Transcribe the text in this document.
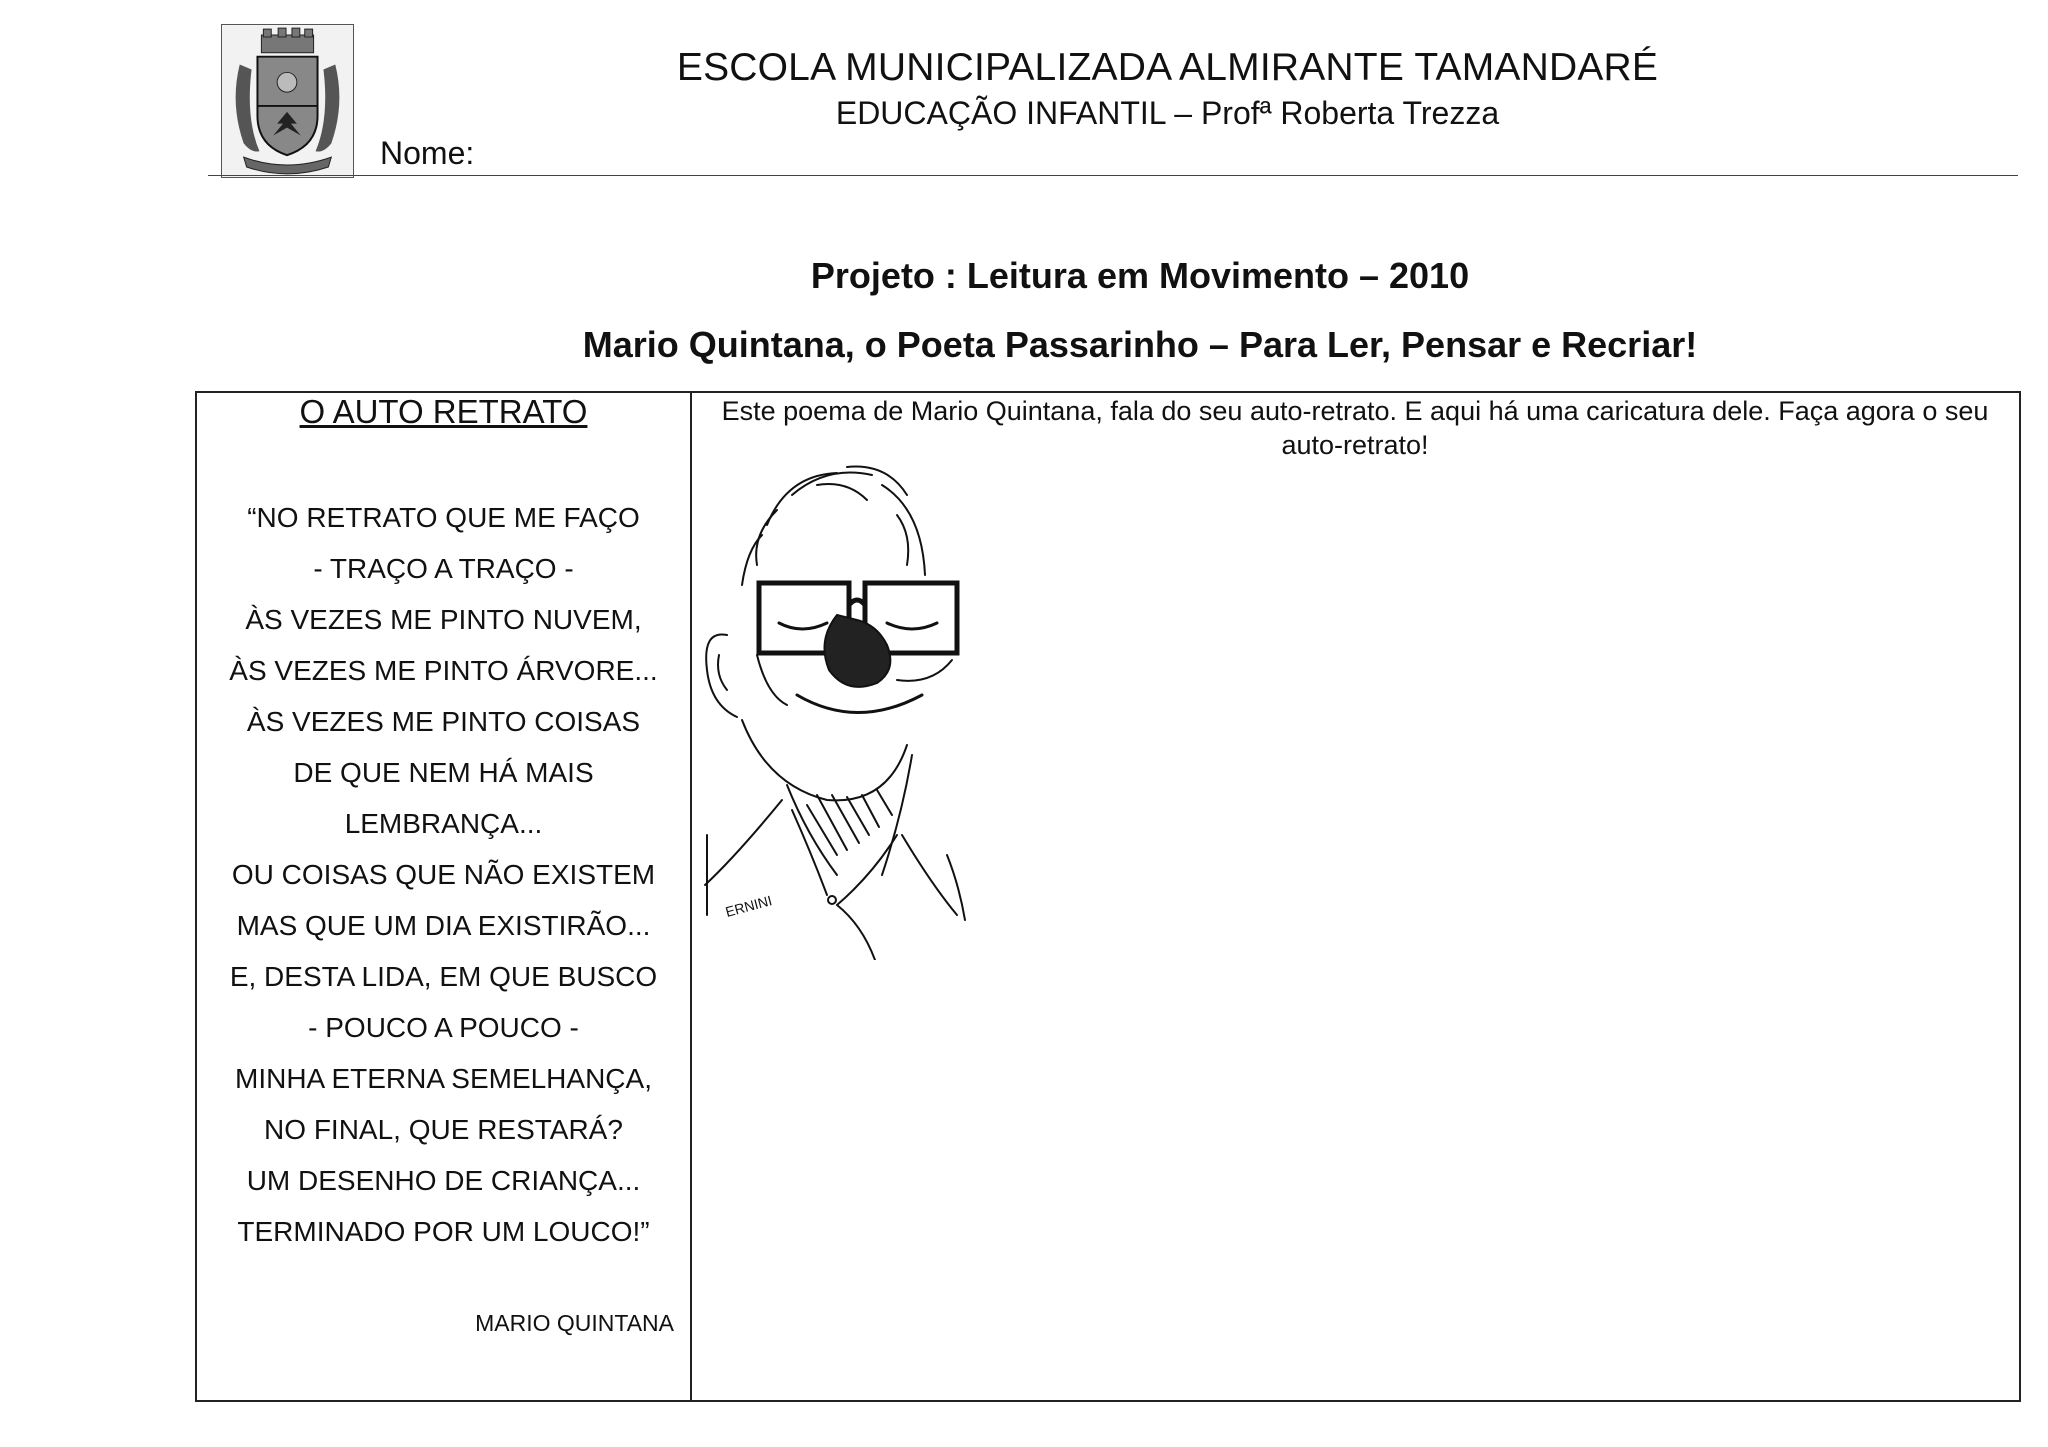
ESCOLA MUNICIPALIZADA ALMIRANTE TAMANDARÉ
EDUCAÇÃO INFANTIL – Profª Roberta Trezza
Nome:
Projeto : Leitura em Movimento – 2010
Mario Quintana, o Poeta Passarinho – Para Ler, Pensar e Recriar!
O AUTO RETRATO
“NO RETRATO QUE ME FAÇO
- TRAÇO A TRAÇO -
ÀS VEZES ME PINTO NUVEM,
ÀS VEZES ME PINTO ÁRVORE...
ÀS VEZES ME PINTO COISAS
DE QUE NEM HÁ MAIS
LEMBRANÇA...
OU COISAS QUE NÃO EXISTEM
MAS QUE UM DIA EXISTIRÃO...
E, DESTA LIDA, EM QUE BUSCO
- POUCO A POUCO -
MINHA ETERNA SEMELHANÇA,
NO FINAL, QUE RESTARÁ?
UM DESENHO DE CRIANÇA...
TERMINADO POR UM LOUCO!”
MARIO QUINTANA
Este poema de Mario Quintana, fala do seu auto-retrato. E aqui há uma caricatura dele. Faça agora o seu auto-retrato!
ERNINI
